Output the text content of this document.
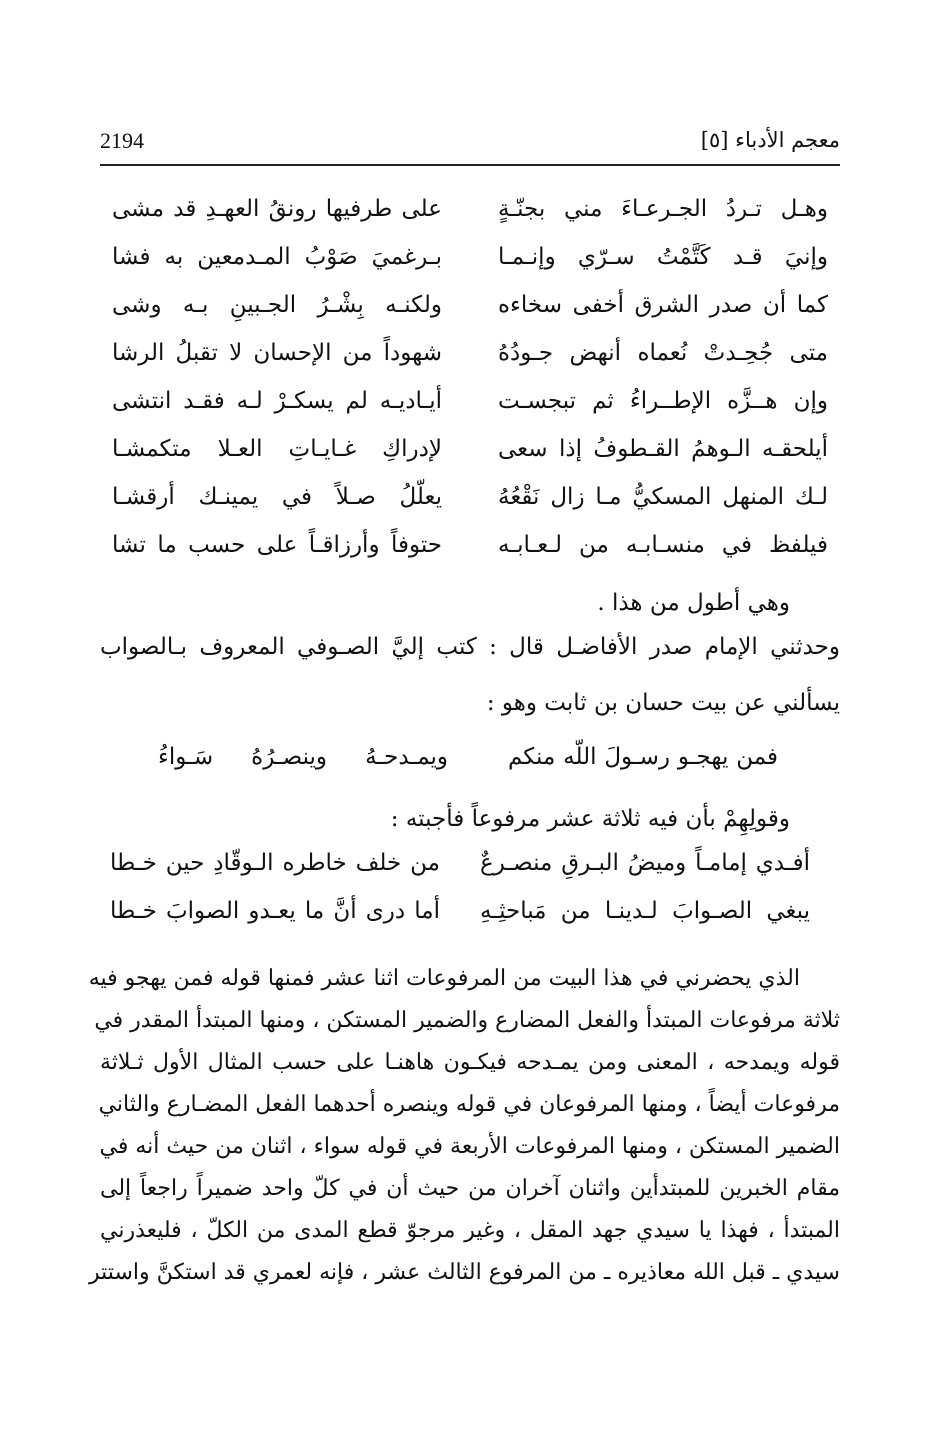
2194	معجم الأدباء [٥]
وهـل تـردُ الجـرعـاءَ مني بجنّـةٍ
على طرفيها رونقُ العهـدِ قد مشى
وإنيَ قـد كَتَّمْتُ سـرّي وإنـمـا
بـرغميَ صَوْبُ المـدمعين به فشا
كما أن صدر الشرق أخفى سخاءه
ولكنـه بِشْـرُ الجـبينِ بـه وشى
متى جُحِـدتْ نُعماه أنهض جـودُهُ
شهوداً من الإحسان لا تقبلُ الرشا
وإن هــزَّه الإطــراءُ ثم تبجسـت
أيـاديـه لم يسكـرْ لـه فقـد انتشى
أيلحقـه الـوهمُ القـطوفُ إذا سعى
لإدراكِ غـايـاتِ العـلا متكمشـا
لـك المنهل المسكيُّ مـا زال نَقْعُهُ
يعلّلُ صـلاً في يمينـك أرقشـا
فيلفظ في منسـابـه من لـعـابـه
حتوفاً وأرزاقـاً على حسب ما تشا
وهي أطول من هذا .
وحدثني الإمام صدر الأفاضـل قال : كتب إليَّ الصـوفي المعروف بـالصواب
يسألني عن بيت حسان بن ثابت وهو :
فمن يهجـو رسـولَ اللّه منكم
ويمـدحـهُ وينصـرُهُ سَـواءُ
وقولِهِمْ بأن فيه ثلاثة عشر مرفوعاً فأجبته :
أفـدي إمامـاً وميضُ البـرقِ منصـرعٌ
من خلف خاطره الـوقّادِ حين خـطا
يبغي الصـوابَ لـدينـا من مَباحثِـهِ
أما درى أنَّ ما يعـدو الصوابَ خـطا
الذي يحضرني في هذا البيت من المرفوعات اثنا عشر فمنها قوله فمن يهجو فيه
ثلاثة مرفوعات المبتدأ والفعل المضارع والضمير المستكن ، ومنها المبتدأ المقدر في
قوله ويمدحه ، المعنى ومن يمـدحه فيكـون هاهنـا على حسب المثال الأول ثـلاثة
مرفوعات أيضاً ، ومنها المرفوعان في قوله وينصره أحدهما الفعل المضـارع والثاني
الضمير المستكن ، ومنها المرفوعات الأربعة في قوله سواء ، اثنان من حيث أنه في
مقام الخبرين للمبتدأين واثنان آخران من حيث أن في كلّ واحد ضميراً راجعاً إلى
المبتدأ ، فهذا يا سيدي جهد المقل ، وغير مرجوّ قطع المدى من الكلّ ، فليعذرني
سيدي ـ قبل الله معاذيره ـ من المرفوع الثالث عشر ، فإنه لعمري قد استكنَّ واستتر
